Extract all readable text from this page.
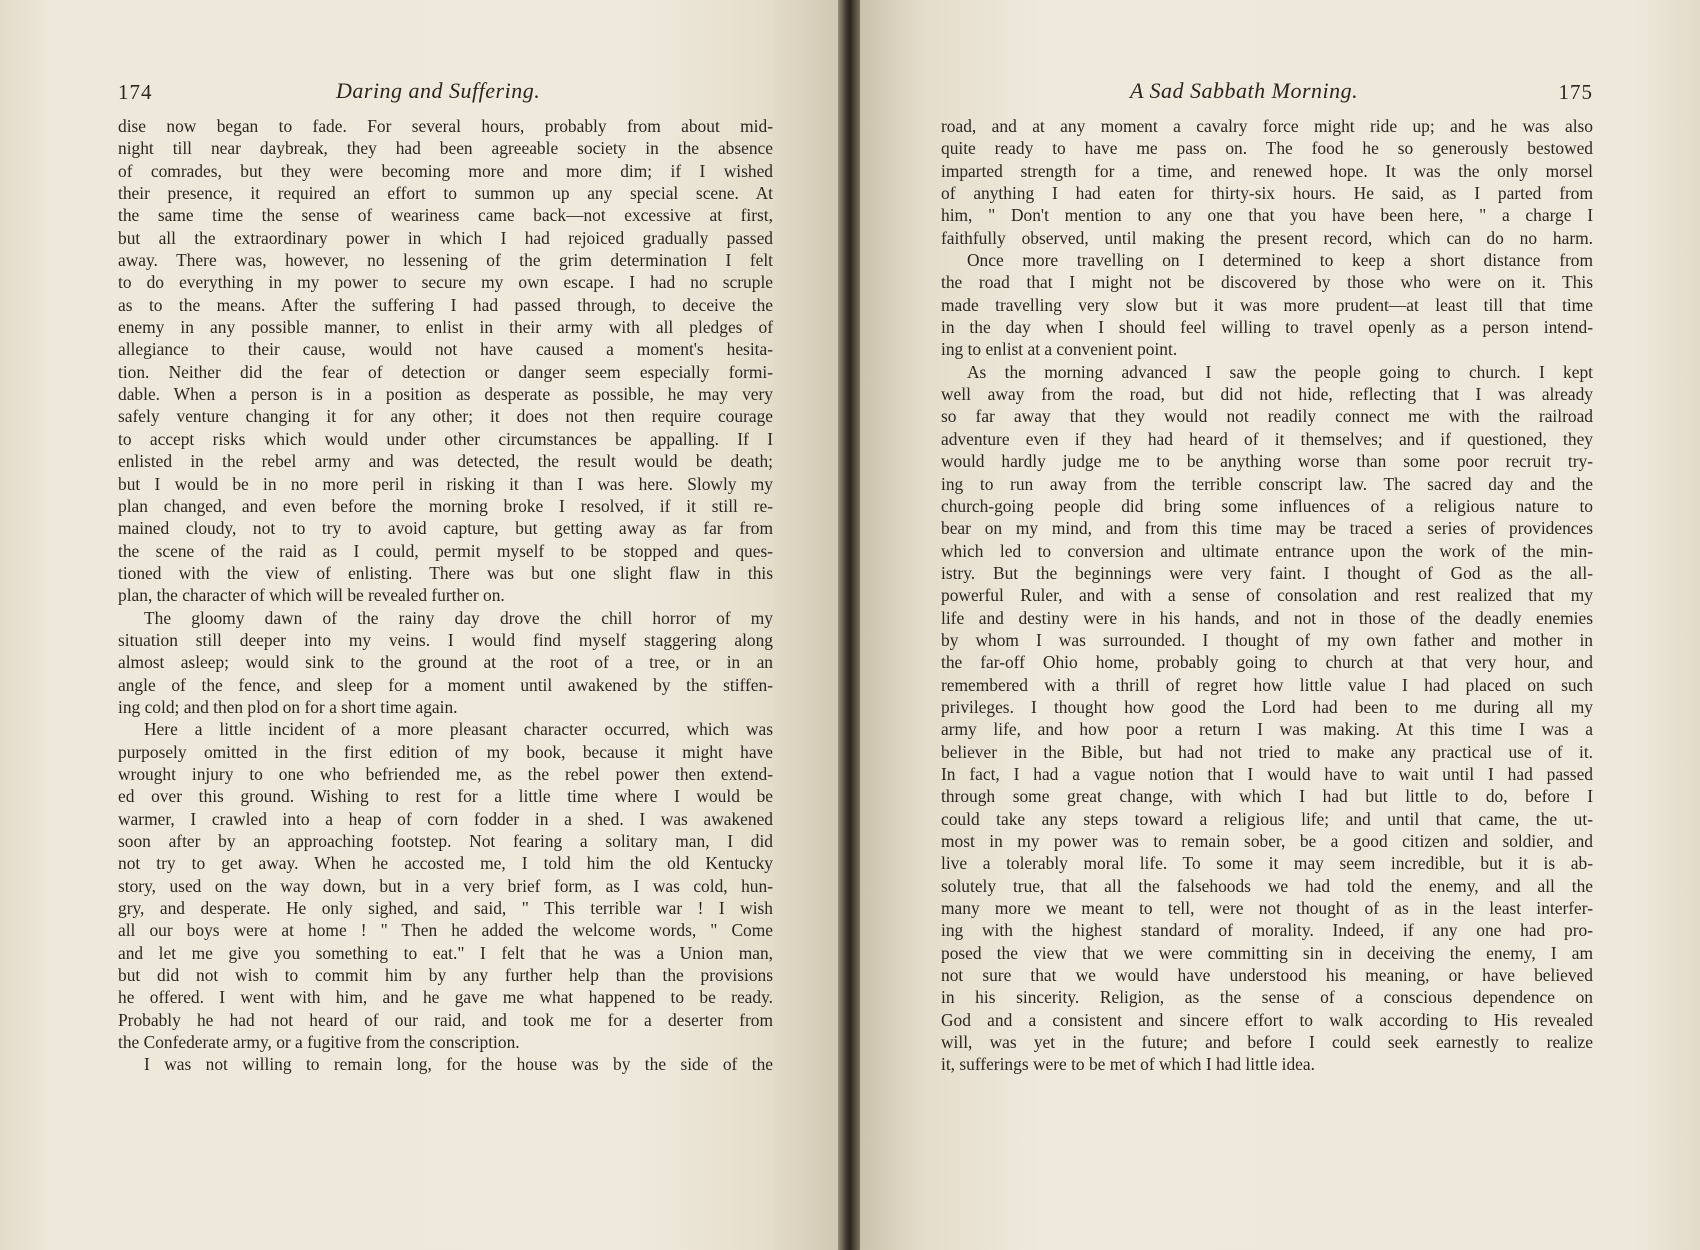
174	Daring and Suffering.
dise now began to fade. For several hours, probably from about mid-
night till near daybreak, they had been agreeable society in the absence
of comrades, but they were becoming more and more dim; if I wished
their presence, it required an effort to summon up any special scene. At
the same time the sense of weariness came back—not excessive at first,
but all the extraordinary power in which I had rejoiced gradually passed
away. There was, however, no lessening of the grim determination I felt
to do everything in my power to secure my own escape. I had no scruple
as to the means. After the suffering I had passed through, to deceive the
enemy in any possible manner, to enlist in their army with all pledges of
allegiance to their cause, would not have caused a moment's hesita-
tion. Neither did the fear of detection or danger seem especially formi-
dable. When a person is in a position as desperate as possible, he may very
safely venture changing it for any other; it does not then require courage
to accept risks which would under other circumstances be appalling. If I
enlisted in the rebel army and was detected, the result would be death;
but I would be in no more peril in risking it than I was here. Slowly my
plan changed, and even before the morning broke I resolved, if it still re-
mained cloudy, not to try to avoid capture, but getting away as far from
the scene of the raid as I could, permit myself to be stopped and ques-
tioned with the view of enlisting. There was but one slight flaw in this
plan, the character of which will be revealed further on.
The gloomy dawn of the rainy day drove the chill horror of my
situation still deeper into my veins. I would find myself staggering along
almost asleep; would sink to the ground at the root of a tree, or in an
angle of the fence, and sleep for a moment until awakened by the stiffen-
ing cold; and then plod on for a short time again.
Here a little incident of a more pleasant character occurred, which was
purposely omitted in the first edition of my book, because it might have
wrought injury to one who befriended me, as the rebel power then extend-
ed over this ground. Wishing to rest for a little time where I would be
warmer, I crawled into a heap of corn fodder in a shed. I was awakened
soon after by an approaching footstep. Not fearing a solitary man, I did
not try to get away. When he accosted me, I told him the old Kentucky
story, used on the way down, but in a very brief form, as I was cold, hun-
gry, and desperate. He only sighed, and said, " This terrible war ! I wish
all our boys were at home ! " Then he added the welcome words, " Come
and let me give you something to eat." I felt that he was a Union man,
but did not wish to commit him by any further help than the provisions
he offered. I went with him, and he gave me what happened to be ready.
Probably he had not heard of our raid, and took me for a deserter from
the Confederate army, or a fugitive from the conscription.
I was not willing to remain long, for the house was by the side of the
A Sad Sabbath Morning.	175
road, and at any moment a cavalry force might ride up; and he was also
quite ready to have me pass on. The food he so generously bestowed
imparted strength for a time, and renewed hope. It was the only morsel
of anything I had eaten for thirty-six hours. He said, as I parted from
him, " Don't mention to any one that you have been here, " a charge I
faithfully observed, until making the present record, which can do no harm.
Once more travelling on I determined to keep a short distance from
the road that I might not be discovered by those who were on it. This
made travelling very slow but it was more prudent—at least till that time
in the day when I should feel willing to travel openly as a person intend-
ing to enlist at a convenient point.
As the morning advanced I saw the people going to church. I kept
well away from the road, but did not hide, reflecting that I was already
so far away that they would not readily connect me with the railroad
adventure even if they had heard of it themselves; and if questioned, they
would hardly judge me to be anything worse than some poor recruit try-
ing to run away from the terrible conscript law. The sacred day and the
church-going people did bring some influences of a religious nature to
bear on my mind, and from this time may be traced a series of providences
which led to conversion and ultimate entrance upon the work of the min-
istry. But the beginnings were very faint. I thought of God as the all-
powerful Ruler, and with a sense of consolation and rest realized that my
life and destiny were in his hands, and not in those of the deadly enemies
by whom I was surrounded. I thought of my own father and mother in
the far-off Ohio home, probably going to church at that very hour, and
remembered with a thrill of regret how little value I had placed on such
privileges. I thought how good the Lord had been to me during all my
army life, and how poor a return I was making. At this time I was a
believer in the Bible, but had not tried to make any practical use of it.
In fact, I had a vague notion that I would have to wait until I had passed
through some great change, with which I had but little to do, before I
could take any steps toward a religious life; and until that came, the ut-
most in my power was to remain sober, be a good citizen and soldier, and
live a tolerably moral life. To some it may seem incredible, but it is ab-
solutely true, that all the falsehoods we had told the enemy, and all the
many more we meant to tell, were not thought of as in the least interfer-
ing with the highest standard of morality. Indeed, if any one had pro-
posed the view that we were committing sin in deceiving the enemy, I am
not sure that we would have understood his meaning, or have believed
in his sincerity. Religion, as the sense of a conscious dependence on
God and a consistent and sincere effort to walk according to His revealed
will, was yet in the future; and before I could seek earnestly to realize
it, sufferings were to be met of which I had little idea.
